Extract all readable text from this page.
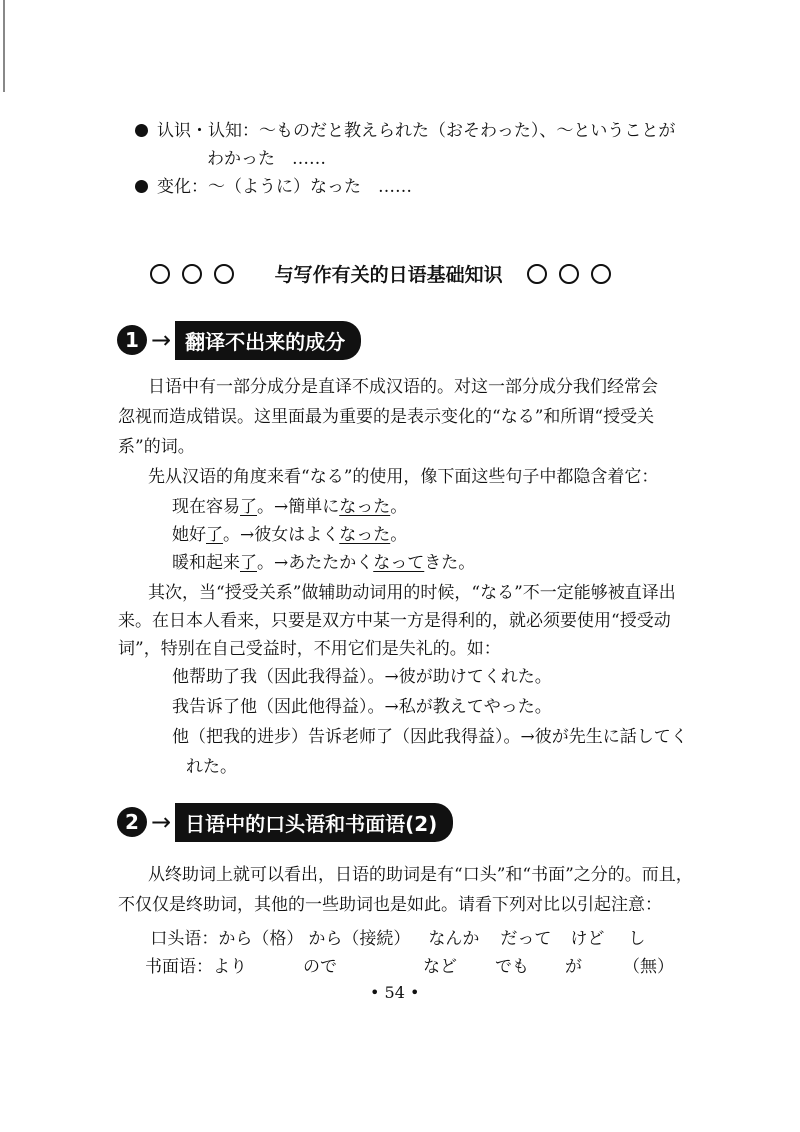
认识・认知：～ものだと教えられた（おそわった）、～ということが
わかった　……
变化：～（ように）なった　……
与写作有关的日语基础知识
1 → 翻译不出来的成分
日语中有一部分成分是直译不成汉语的。对这一部分成分我们经常会
忽视而造成错误。这里面最为重要的是表示变化的“なる”和所谓“授受关
系”的词。
先从汉语的角度来看“なる”的使用，像下面这些句子中都隐含着它：
现在容易了。→簡単になった。
她好了。→彼女はよくなった。
暖和起来了。→あたたかくなってきた。
其次，当“授受关系”做辅助动词用的时候，“なる”不一定能够被直译出
来。在日本人看来，只要是双方中某一方是得利的，就必须要使用“授受动
词”，特别在自己受益时，不用它们是失礼的。如：
他帮助了我（因此我得益）。→彼が助けてくれた。
我告诉了他（因此他得益）。→私が教えてやった。
他（把我的进步）告诉老师了（因此我得益）。→彼が先生に話してく
れた。
2 → 日语中的口头语和书面语(2)
从终助词上就可以看出，日语的助词是有“口头”和“书面”之分的。而且，
不仅仅是终助词，其他的一些助词也是如此。请看下列对比以引起注意：
口头语：から（格） から（接続） なんか だって けど し
书面语：より	ので	など でも が （無）
• 54 •
